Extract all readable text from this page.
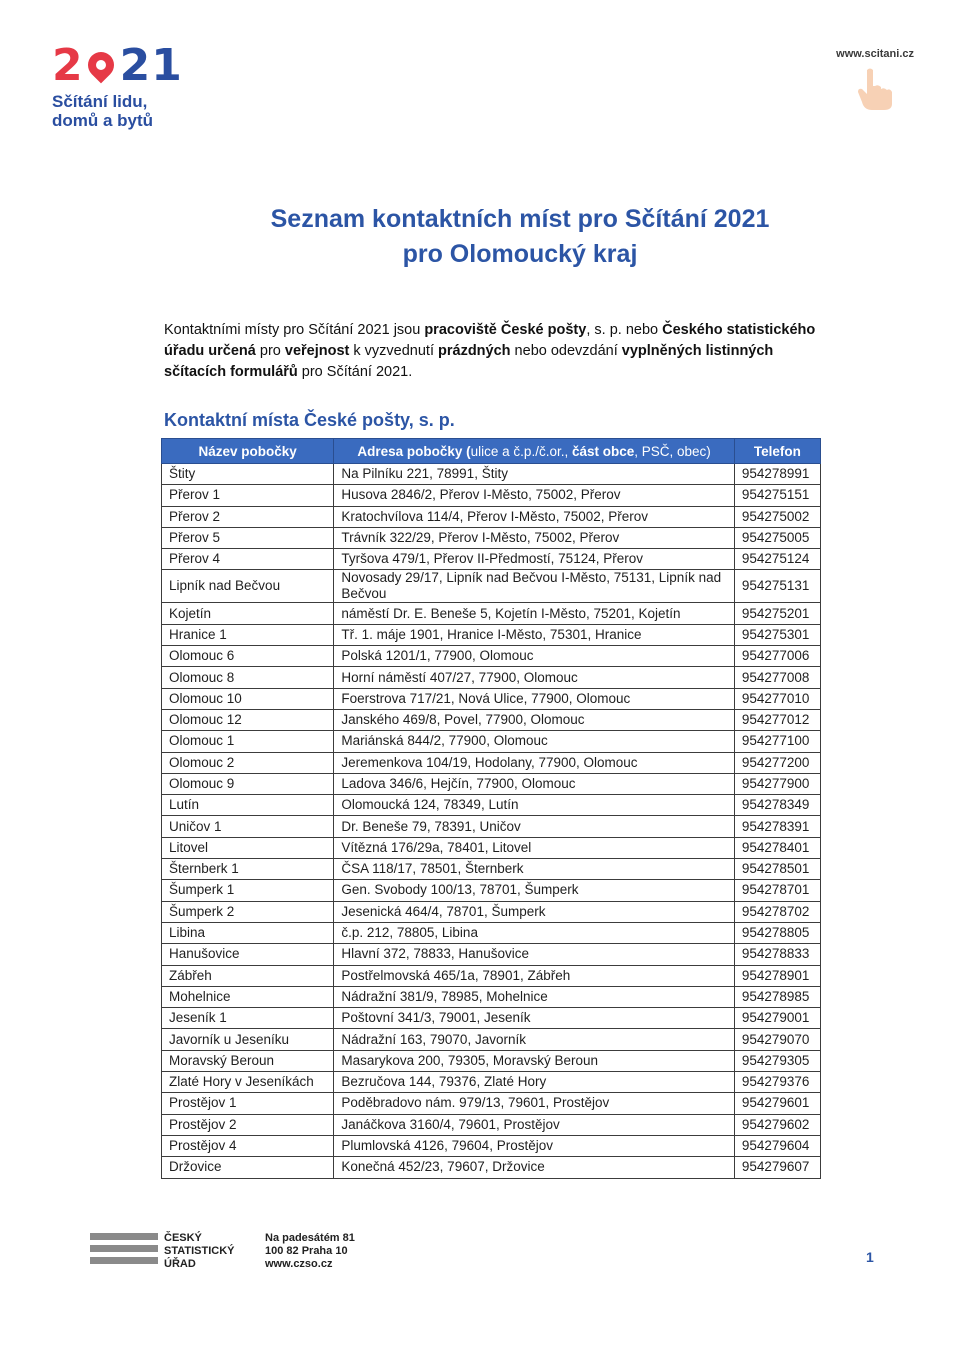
2 2 1
Sčítání lidu,
domů a bytů
www.scitani.cz
Seznam kontaktních míst pro Sčítání 2021
pro Olomoucký kraj
Kontaktními místy pro Sčítání 2021 jsou pracoviště České pošty, s. p. nebo Českého statistického úřadu určená pro veřejnost k vyzvednutí prázdných nebo odevzdání vyplněných listinných sčítacích formulářů pro Sčítání 2021.
Kontaktní místa České pošty, s. p.
Název pobočky	Adresa pobočky (ulice a č.p./č.or., část obce, PSČ, obec)	Telefon
Štity	Na Pilníku 221, 78991, Štity	954278991
Přerov 1	Husova 2846/2, Přerov I-Město, 75002, Přerov	954275151
Přerov 2	Kratochvílova 114/4, Přerov I-Město, 75002, Přerov	954275002
Přerov 5	Trávník 322/29, Přerov I-Město, 75002, Přerov	954275005
Přerov 4	Tyršova 479/1, Přerov II-Předmostí, 75124, Přerov	954275124
Lipník nad Bečvou	Novosady 29/17, Lipník nad Bečvou I-Město, 75131, Lipník nad Bečvou	954275131
Kojetín	náměstí Dr. E. Beneše 5, Kojetín I-Město, 75201, Kojetín	954275201
Hranice 1	Tř. 1. máje 1901, Hranice I-Město, 75301, Hranice	954275301
Olomouc 6	Polská 1201/1, 77900, Olomouc	954277006
Olomouc 8	Horní náměstí 407/27, 77900, Olomouc	954277008
Olomouc 10	Foerstrova 717/21, Nová Ulice, 77900, Olomouc	954277010
Olomouc 12	Janského 469/8, Povel, 77900, Olomouc	954277012
Olomouc 1	Mariánská 844/2, 77900, Olomouc	954277100
Olomouc 2	Jeremenkova 104/19, Hodolany, 77900, Olomouc	954277200
Olomouc 9	Ladova 346/6, Hejčín, 77900, Olomouc	954277900
Lutín	Olomoucká 124, 78349, Lutín	954278349
Uničov 1	Dr. Beneše 79, 78391, Uničov	954278391
Litovel	Vítězná 176/29a, 78401, Litovel	954278401
Šternberk 1	ČSA 118/17, 78501, Šternberk	954278501
Šumperk 1	Gen. Svobody 100/13, 78701, Šumperk	954278701
Šumperk 2	Jesenická 464/4, 78701, Šumperk	954278702
Libina	č.p. 212, 78805, Libina	954278805
Hanušovice	Hlavní 372, 78833, Hanušovice	954278833
Zábřeh	Postřelmovská 465/1a, 78901, Zábřeh	954278901
Mohelnice	Nádražní 381/9, 78985, Mohelnice	954278985
Jeseník 1	Poštovní 341/3, 79001, Jeseník	954279001
Javorník u Jeseníku	Nádražní 163, 79070, Javorník	954279070
Moravský Beroun	Masarykova 200, 79305, Moravský Beroun	954279305
Zlaté Hory v Jeseníkách	Bezručova 144, 79376, Zlaté Hory	954279376
Prostějov 1	Poděbradovo nám. 979/13, 79601, Prostějov	954279601
Prostějov 2	Janáčkova 3160/4, 79601, Prostějov	954279602
Prostějov 4	Plumlovská 4126, 79604, Prostějov	954279604
Držovice	Konečná 452/23, 79607, Držovice	954279607
ČESKÝ
STATISTICKÝ
ÚŘAD
Na padesátém 81
100 82 Praha 10
www.czso.cz	1
